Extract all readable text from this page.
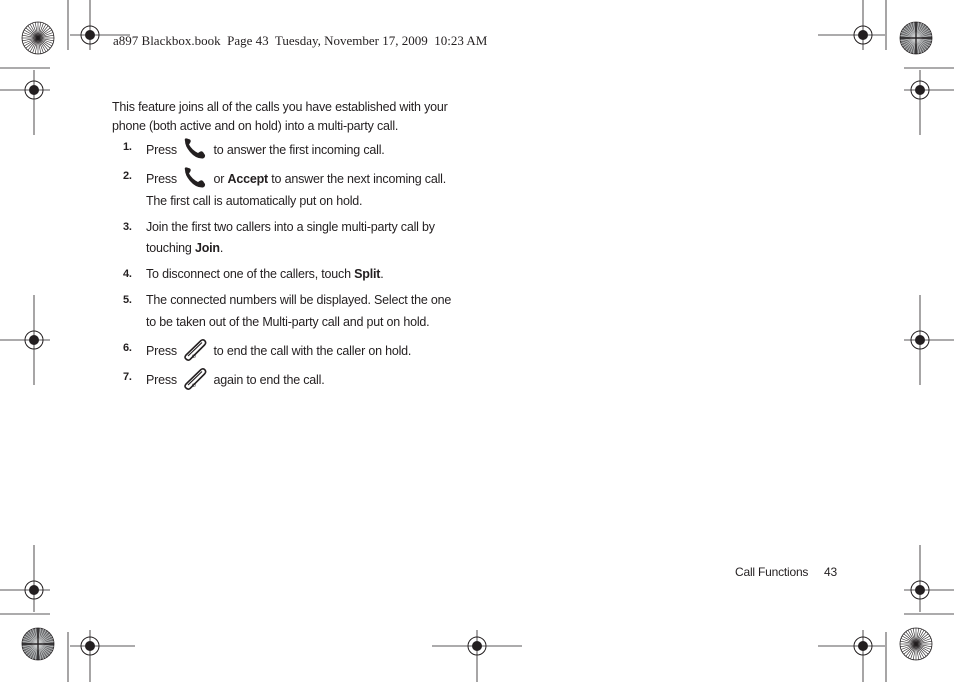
a897 Blackbox.book  Page 43  Tuesday, November 17, 2009  10:23 AM
This feature joins all of the calls you have established with your phone (both active and on hold) into a multi-party call.
1. Press	to answer the first incoming call.
2. Press	or Accept to answer the next incoming call. The first call is automatically put on hold.
3. Join the first two callers into a single multi-party call by touching Join.
4. To disconnect one of the callers, touch Split.
5. The connected numbers will be displayed. Select the one to be taken out of the Multi-party call and put on hold.
6. Press	⏻ to end the call with the caller on hold.
7. Press	⏻ again to end the call.
Call Functions 43
